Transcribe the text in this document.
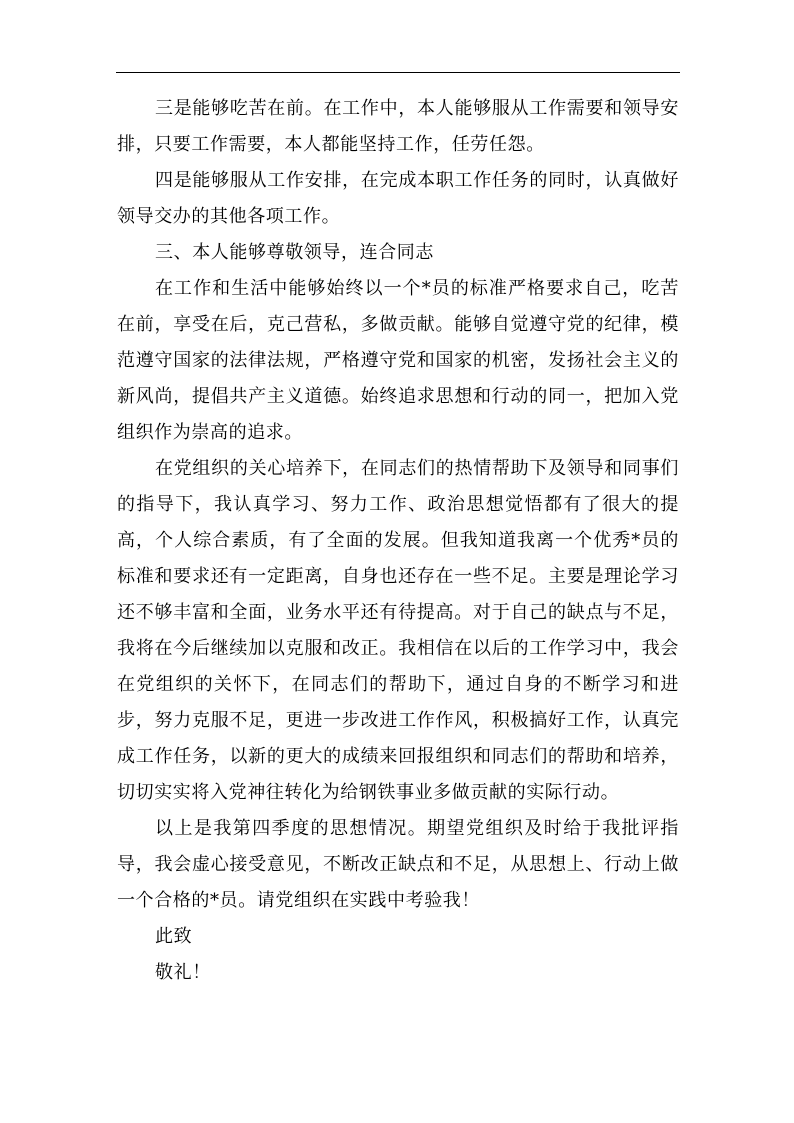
三是能够吃苦在前。在工作中，本人能够服从工作需要和领导安排，只要工作需要，本人都能坚持工作，任劳任怨。

四是能够服从工作安排，在完成本职工作任务的同时，认真做好领导交办的其他各项工作。

三、本人能够尊敬领导，连合同志

在工作和生活中能够始终以一个*员的标准严格要求自己，吃苦在前，享受在后，克己营私，多做贡献。能够自觉遵守党的纪律，模范遵守国家的法律法规，严格遵守党和国家的机密，发扬社会主义的新风尚，提倡共产主义道德。始终追求思想和行动的同一，把加入党组织作为崇高的追求。

在党组织的关心培养下，在同志们的热情帮助下及领导和同事们的指导下，我认真学习、努力工作、政治思想觉悟都有了很大的提高，个人综合素质，有了全面的发展。但我知道我离一个优秀*员的标准和要求还有一定距离，自身也还存在一些不足。主要是理论学习还不够丰富和全面，业务水平还有待提高。对于自己的缺点与不足，我将在今后继续加以克服和改正。我相信在以后的工作学习中，我会在党组织的关怀下，在同志们的帮助下，通过自身的不断学习和进步，努力克服不足，更进一步改进工作作风，积极搞好工作，认真完成工作任务，以新的更大的成绩来回报组织和同志们的帮助和培养，切切实实将入党神往转化为给钢铁事业多做贡献的实际行动。

以上是我第四季度的思想情况。期望党组织及时给于我批评指导，我会虚心接受意见，不断改正缺点和不足，从思想上、行动上做一个合格的*员。请党组织在实践中考验我！

此致

敬礼！
